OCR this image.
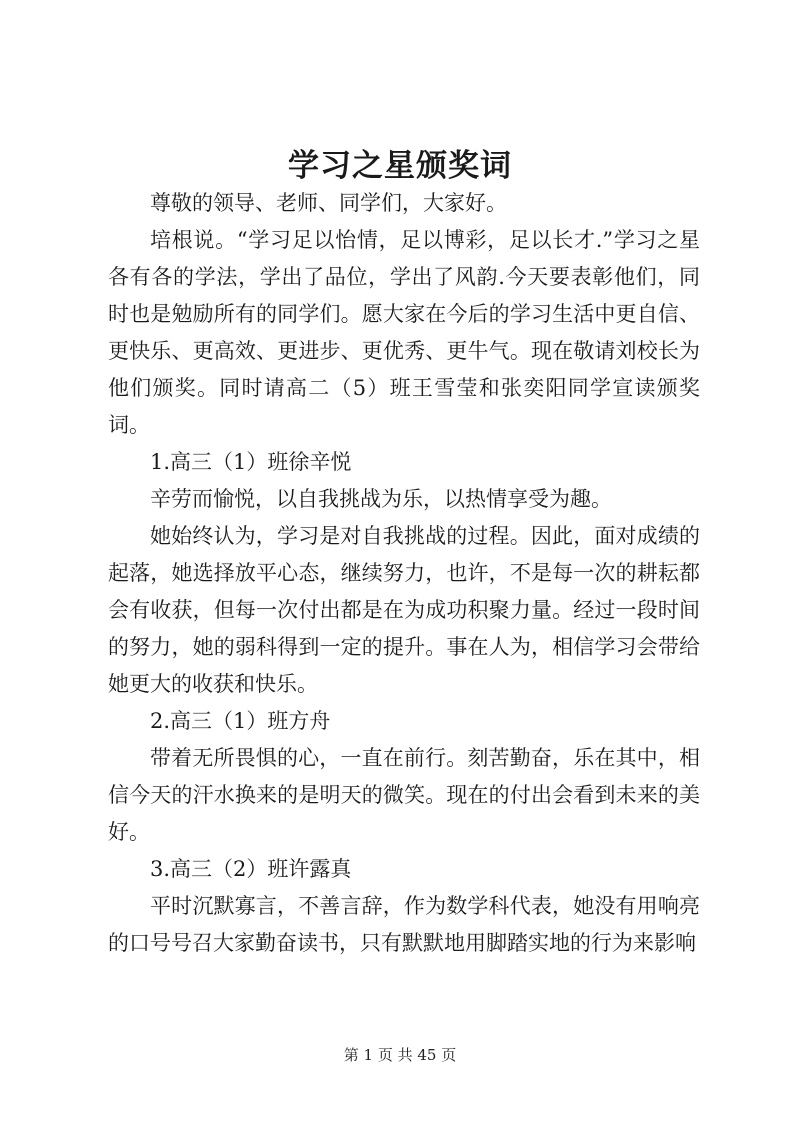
学习之星颁奖词

尊敬的领导、老师、同学们，大家好。

培根说。“学习足以怡情，足以博彩，足以长才.”学习之星各有各的学法，学出了品位，学出了风韵.今天要表彰他们，同时也是勉励所有的同学们。愿大家在今后的学习生活中更自信、更快乐、更高效、更进步、更优秀、更牛气。现在敬请刘校长为他们颁奖。同时请高二（5）班王雪莹和张奕阳同学宣读颁奖词。

1.高三（1）班徐辛悦

辛劳而愉悦，以自我挑战为乐，以热情享受为趣。

她始终认为，学习是对自我挑战的过程。因此，面对成绩的起落，她选择放平心态，继续努力，也许，不是每一次的耕耘都会有收获，但每一次付出都是在为成功积聚力量。经过一段时间的努力，她的弱科得到一定的提升。事在人为，相信学习会带给她更大的收获和快乐。

2.高三（1）班方舟

带着无所畏惧的心，一直在前行。刻苦勤奋，乐在其中，相信今天的汗水换来的是明天的微笑。现在的付出会看到未来的美好。

3.高三（2）班许露真

平时沉默寡言，不善言辞，作为数学科代表，她没有用响亮的口号号召大家勤奋读书，只有默默地用脚踏实地的行为来影响

第 1 页 共 45 页
